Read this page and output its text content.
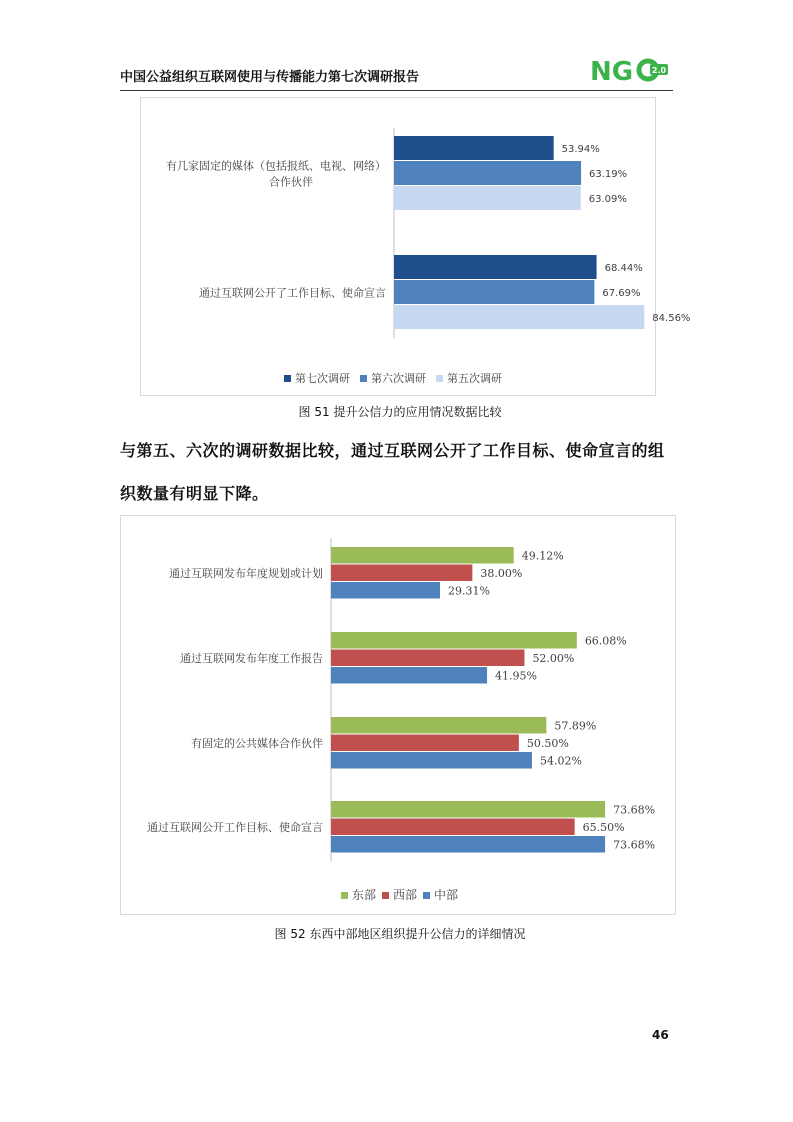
中国公益组织互联网使用与传播能力第七次调研报告	NG 2.0
有几家固定的媒体（包括报纸、电视、网络）
合作伙伴
53.94%
63.19%
63.09%
通过互联网公开了工作目标、使命宣言
68.44%
67.69%
84.56%
第七次调研 第六次调研 第五次调研
图 51 提升公信力的应用情况数据比较
与第五、六次的调研数据比较，通过互联网公开了工作目标、使命宣言的组
织数量有明显下降。
通过互联网发布年度规划或计划
49.12%
38.00%
29.31%
通过互联网发布年度工作报告
66.08%
52.00%
41.95%
有固定的公共媒体合作伙伴
57.89%
50.50%
54.02%
通过互联网公开工作目标、使命宣言
73.68%
65.50%
73.68%
东部 西部 中部
图 52 东西中部地区组织提升公信力的详细情况
46
